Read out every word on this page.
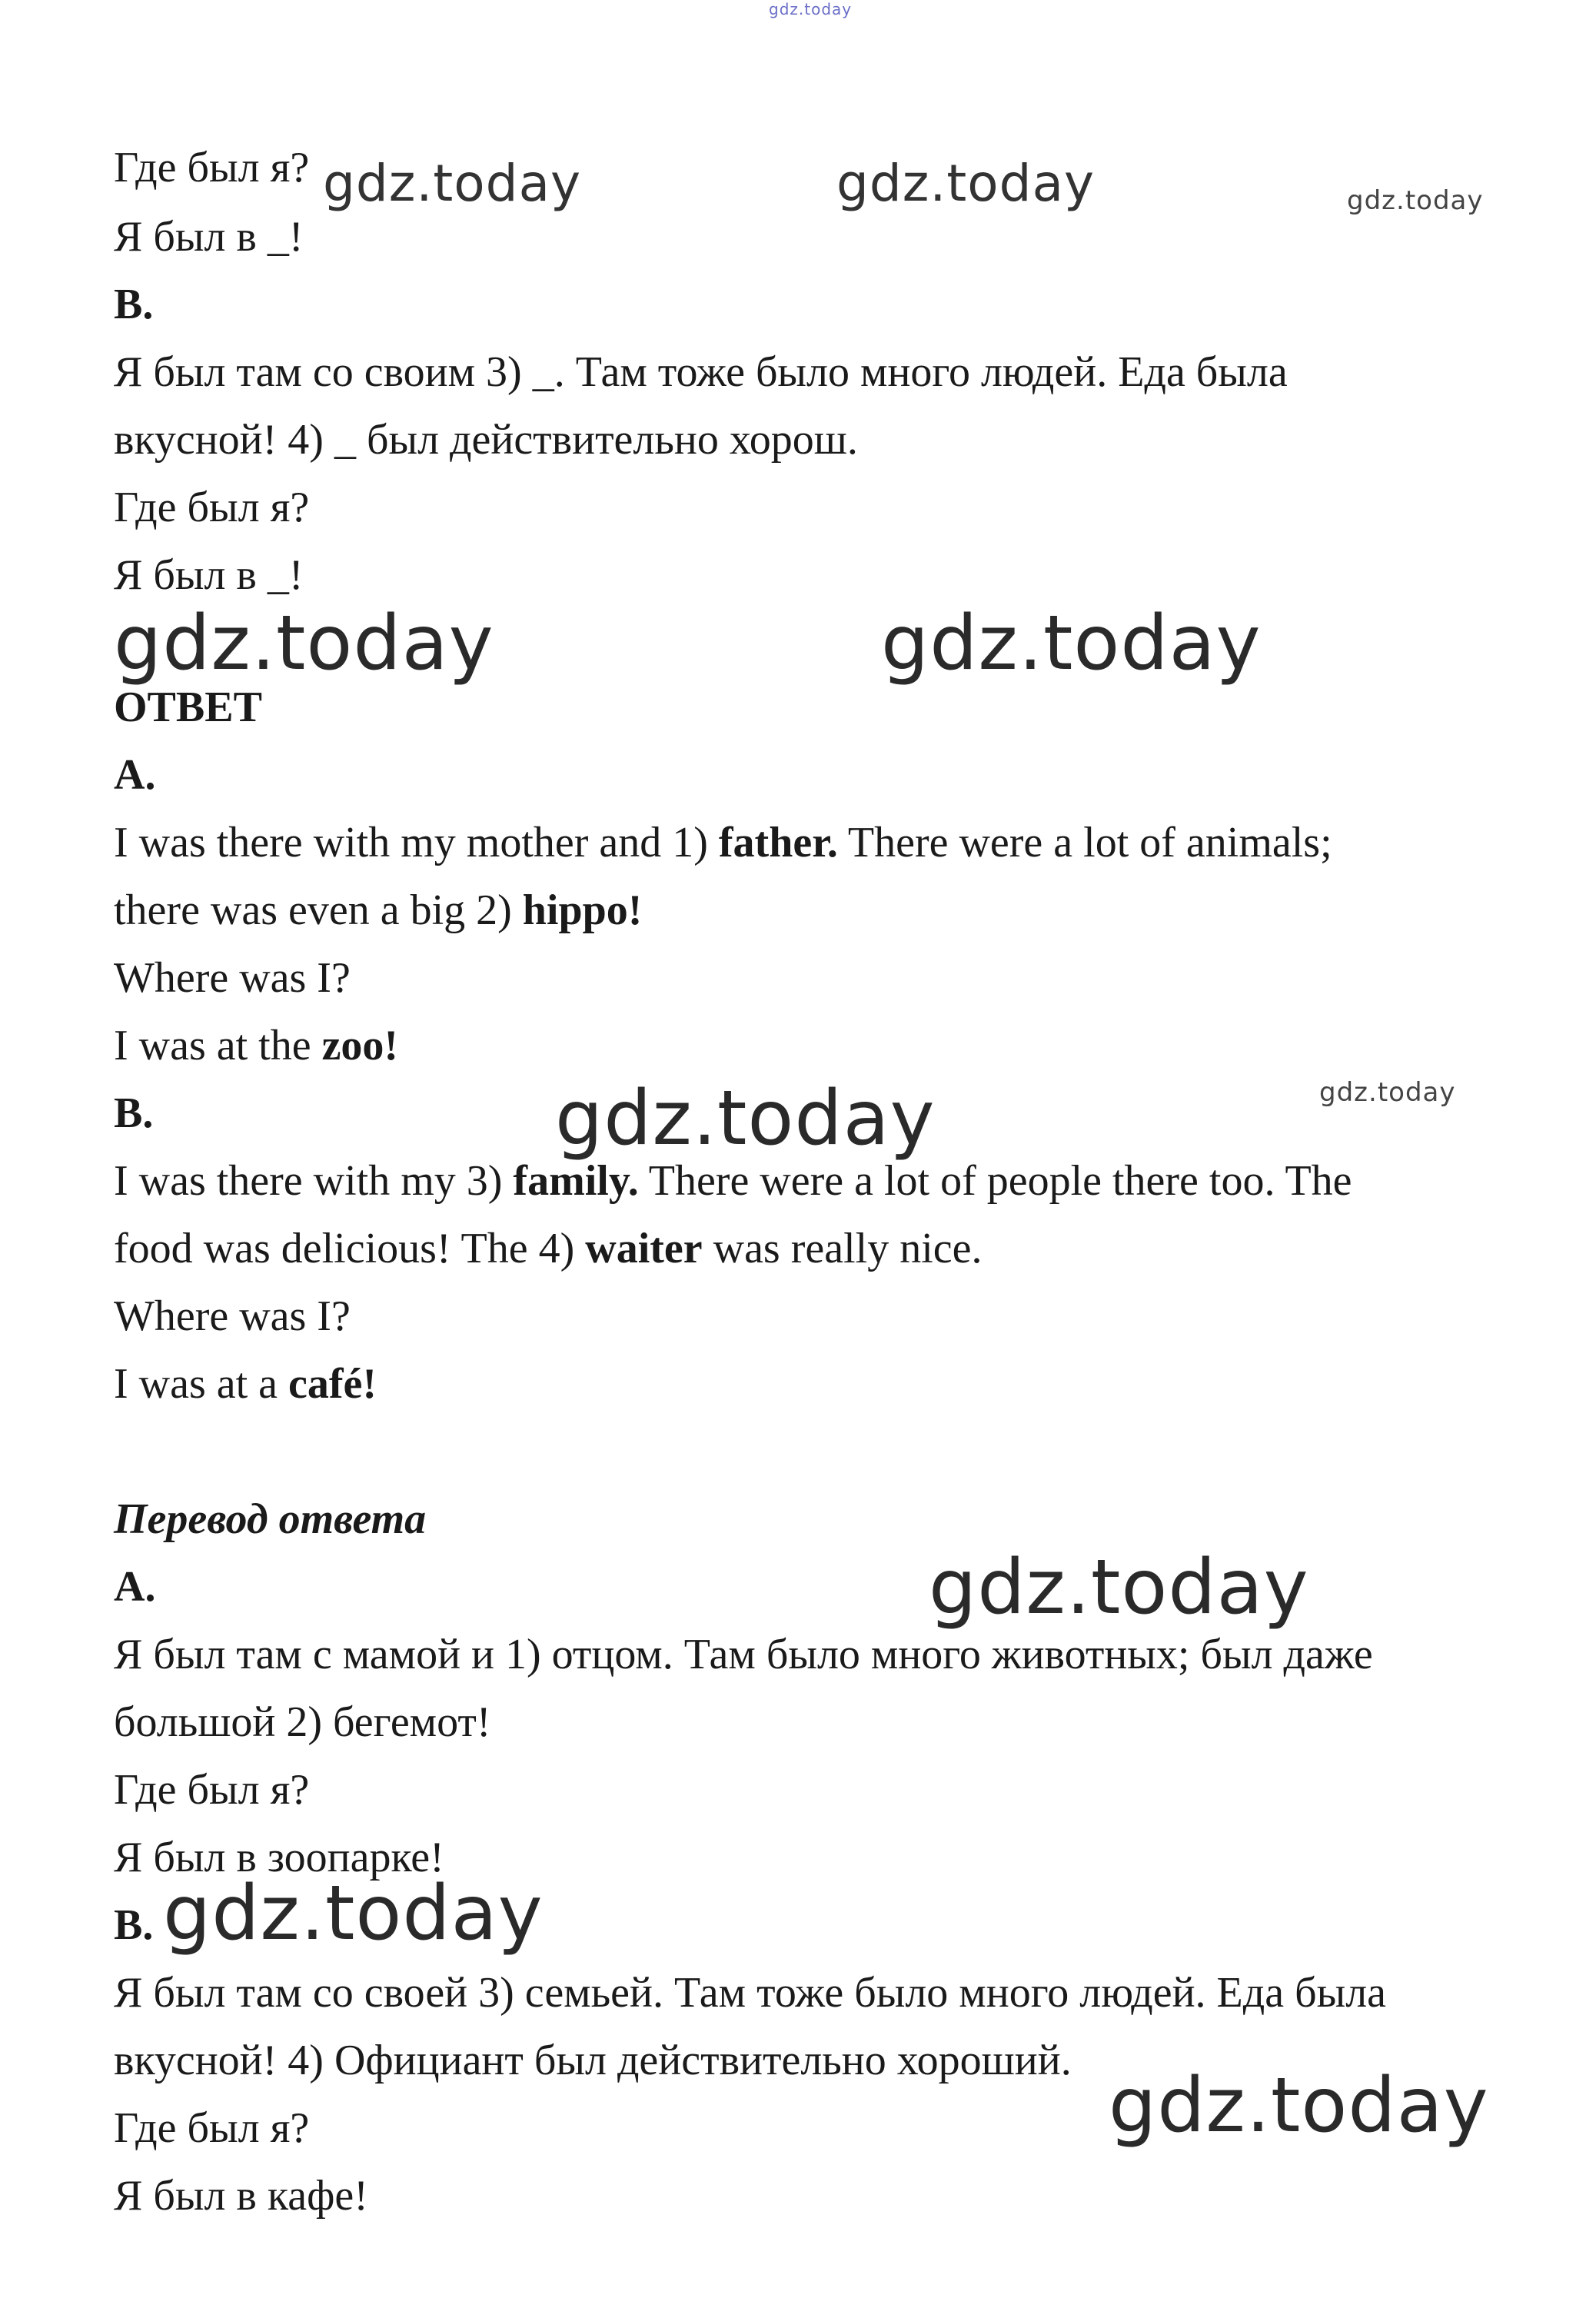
gdz.today
Где был я?
Я был в _!
B.
Я был там со своим 3) _. Там тоже было много людей. Еда была
вкусной! 4) _ был действительно хорош.
Где был я?
Я был в _!
ОТВЕТ
A.
I was there with my mother and 1) father. There were a lot of animals;
there was even a big 2) hippo!
Where was I?
I was at the zoo!
B.
I was there with my 3) family. There were a lot of people there too. The
food was delicious! The 4) waiter was really nice.
Where was I?
I was at a café!
Перевод ответа
A.
Я был там с мамой и 1) отцом. Там было много животных; был даже
большой 2) бегемот!
Где был я?
Я был в зоопарке!
B.
Я был там со своей 3) семьей. Там тоже было много людей. Еда была
вкусной! 4) Официант был действительно хороший.
Где был я?
Я был в кафе!
gdz.today	gdz.today	gdz.today
gdz.today	gdz.today
gdz.today	gdz.today
gdz.today
gdz.today
gdz.today
